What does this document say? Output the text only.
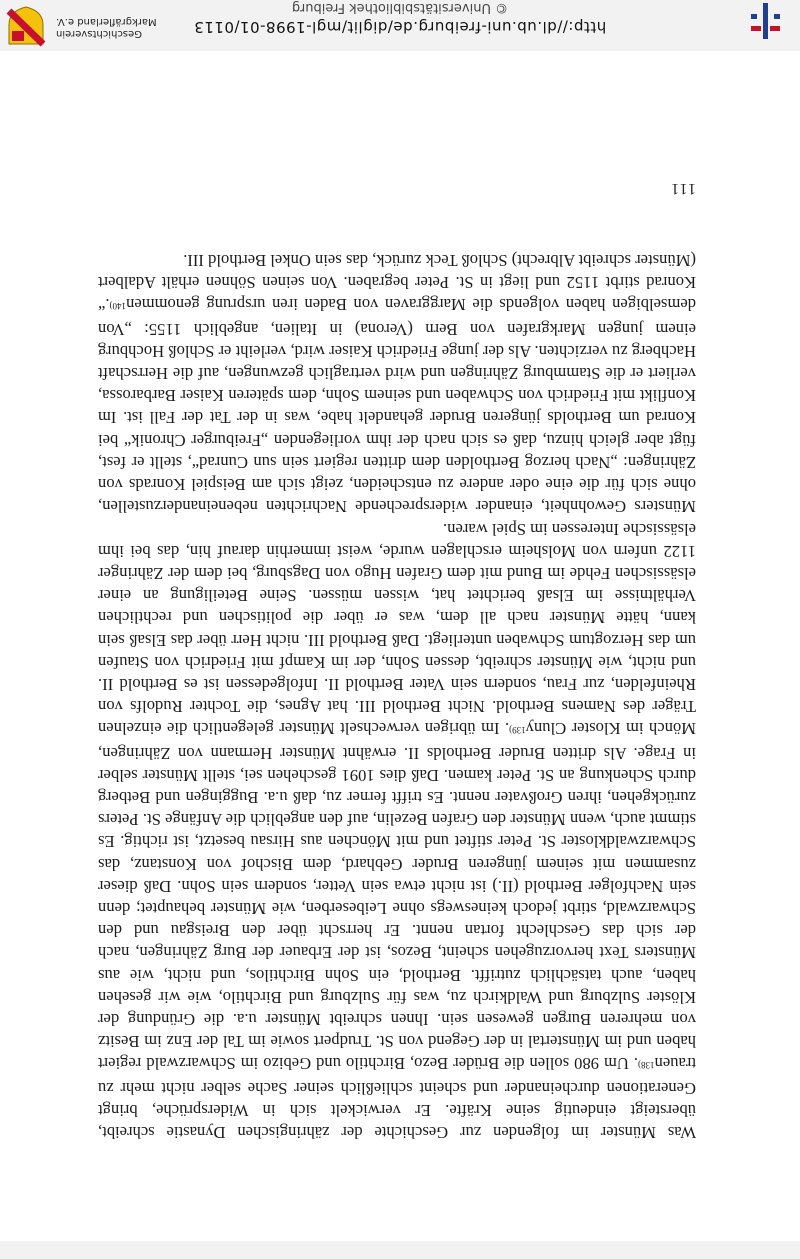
Was Münster im folgenden zur Geschichte der zähringischen Dynastie schreibt, übersteigt eindeutig seine Kräfte. Er verwickelt sich in Widersprüche, bringt Generationen durcheinander und scheint schließlich seiner Sache selber nicht mehr zu trauen$^{138)}$. Um 980 sollen die Brüder Bezo, Birchtilo und Gebizo im Schwarzwald regiert haben und im Münstertal in der Gegend von St. Trudpert sowie im Tal der Enz im Besitz von mehreren Burgen gewesen sein. Ihnen schreibt Münster u.a. die Gründung der Klöster Sulzburg und Waldkirch zu, was für Sulzburg und Birchtilo, wie wir gesehen haben, auch tatsächlich zutrifft. Berthold, ein Sohn Birchtilos, und nicht, wie aus Münsters Text hervorzugehen scheint, Bezos, ist der Erbauer der Burg Zähringen, nach der sich das Geschlecht fortan nennt. Er herrscht über den Breisgau und den Schwarzwald, stirbt jedoch keineswegs ohne Leibeserben, wie Münster behauptet; denn sein Nachfolger Berthold (II.) ist nicht etwa sein Vetter, sondern sein Sohn. Daß dieser zusammen mit seinem jüngeren Bruder Gebhard, dem Bischof von Konstanz, das Schwarzwaldkloster St. Peter stiftet und mit Mönchen aus Hirsau besetzt, ist richtig. Es stimmt auch, wenn Münster den Grafen Bezelin, auf den angeblich die Anfänge St. Peters zurückgehen, ihren Großvater nennt. Es trifft ferner zu, daß u.a. Buggingen und Betberg durch Schenkung an St. Peter kamen. Daß dies 1091 geschehen sei, stellt Münster selber in Frage. Als dritten Bruder Bertholds II. erwähnt Münster Hermann von Zähringen, Mönch im Kloster Cluny$^{139)}$. Im übrigen verwechselt Münster gelegentlich die einzelnen Träger des Namens Berthold. Nicht Berthold III. hat Agnes, die Tochter Rudolfs von Rheinfelden, zur Frau, sondern sein Vater Berthold II. Infolgedessen ist es Berthold II. und nicht, wie Münster schreibt, dessen Sohn, der im Kampf mit Friedrich von Staufen um das Herzogtum Schwaben unterliegt. Daß Berthold III. nicht Herr über das Elsaß sein kann, hätte Münster nach all dem, was er über die politischen und rechtlichen Verhältnisse im Elsaß berichtet hat, wissen müssen. Seine Beteiligung an einer elsässischen Fehde im Bund mit dem Grafen Hugo von Dagsburg, bei dem der Zähringer 1122 unfern von Molsheim erschlagen wurde, weist immerhin darauf hin, das bei ihm elsässische Interessen im Spiel waren.

Münsters Gewohnheit, einander widersprechende Nachrichten nebeneinanderzustellen, ohne sich für die eine oder andere zu entscheiden, zeigt sich am Beispiel Konrads von Zähringen: „Nach herzog Bertholden dem dritten regiert sein sun Cunrad“, stellt er fest, fügt aber gleich hinzu, daß es sich nach der ihm vorliegenden „Freiburger Chronik“ bei Konrad um Bertholds jüngeren Bruder gehandelt habe, was in der Tat der Fall ist. Im Konflikt mit Friedrich von Schwaben und seinem Sohn, dem späteren Kaiser Barbarossa, verliert er die Stammburg Zähringen und wird vertraglich gezwungen, auf die Herrschaft Hachberg zu verzichten. Als der junge Friedrich Kaiser wird, verleiht er Schloß Hochburg einem jungen Markgrafen von Bern (Verona) in Italien, angeblich 1155: „Von demselbigen haben volgends die Marggraven von Baden iren ursprung genommen$^{140)}$.“ Konrad stirbt 1152 und liegt in St. Peter begraben. Von seinen Söhnen erhält Adalbert (Münster schreibt Albrecht) Schloß Teck zurück, das sein Onkel Berthold III.

111
http://dl.ub.uni-freiburg.de/diglit/mgl-1998-01/0113
© Universitätsbibliothek Freiburg
Geschichtsverein Markgräflerland e.V.
